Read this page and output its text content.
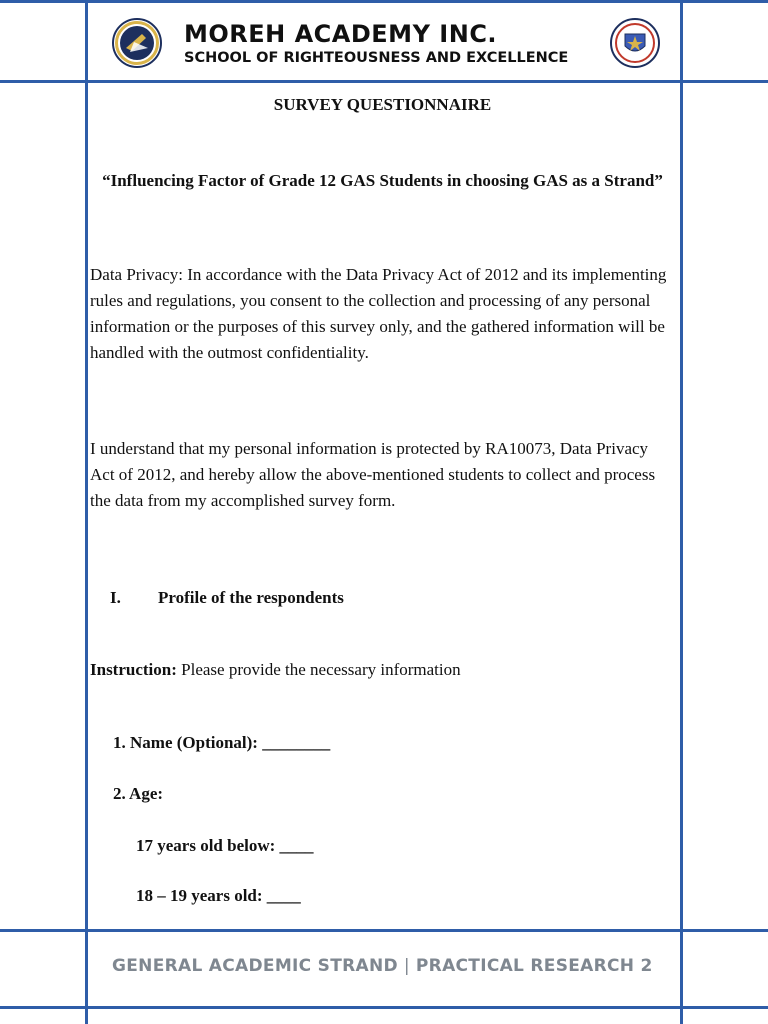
MOREH ACADEMY INC.
SCHOOL OF RIGHTEOUSNESS AND EXCELLENCE
SURVEY QUESTIONNAIRE
“Influencing Factor of Grade 12 GAS Students in choosing GAS as a Strand”
Data Privacy: In accordance with the Data Privacy Act of 2012 and its implementing rules and regulations, you consent to the collection and processing of any personal information or the purposes of this survey only, and the gathered information will be handled with the outmost confidentiality.
I understand that my personal information is protected by RA10073, Data Privacy Act of 2012, and hereby allow the above-mentioned students to collect and process the data from my accomplished survey form.
I. Profile of the respondents
Instruction: Please provide the necessary information
1. Name (Optional): ________
2. Age:
17 years old below: ____
18 – 19 years old: ____
GENERAL ACADEMIC STRAND | PRACTICAL RESEARCH 2
